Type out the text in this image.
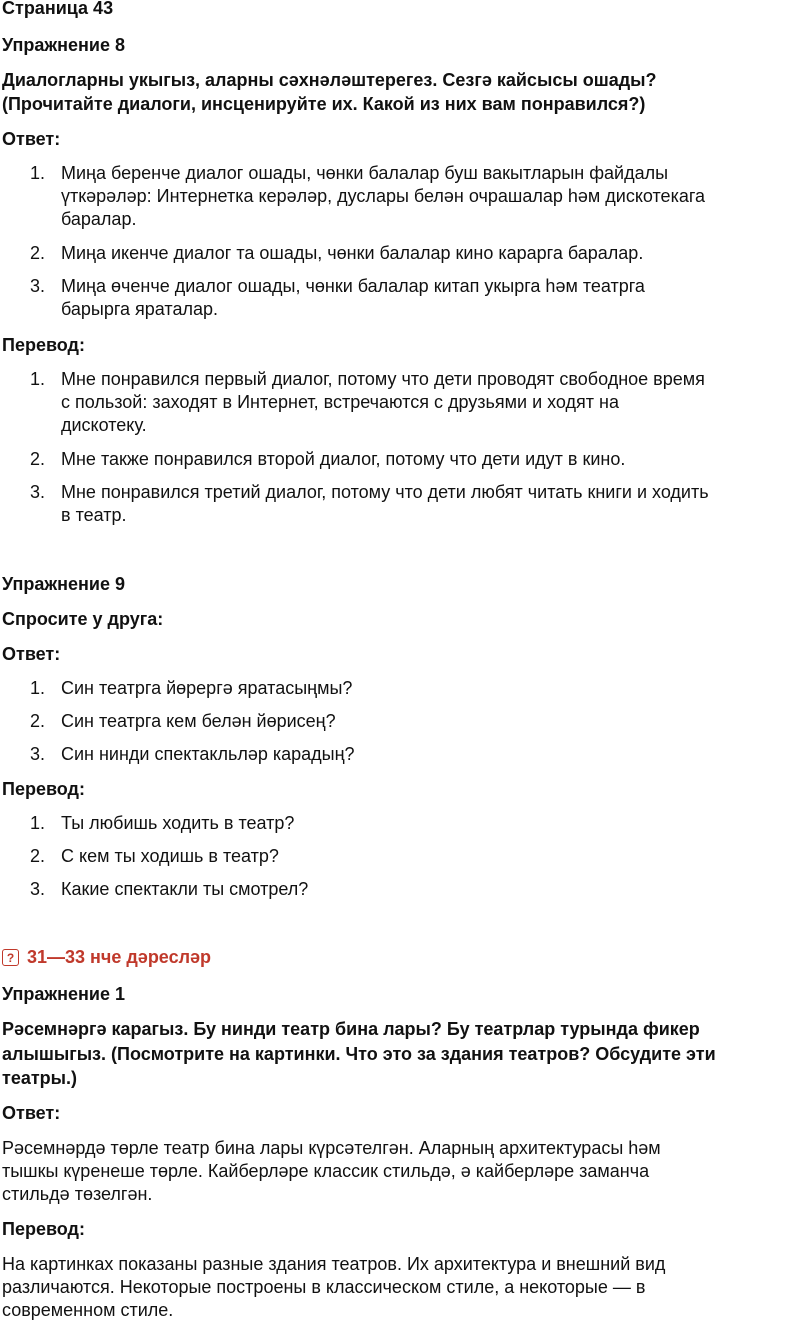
Страница 43
Упражнение 8
Диалогларны укыгыз, аларны сәхнәләштерегез. Сезгә кайсысы ошады?
(Прочитайте диалоги, инсценируйте их. Какой из них вам понравился?)
Ответ:
1. Миңа беренче диалог ошады, чөнки балалар буш вакытларын файдалы
үткәрәләр: Интернетка керәләр, дуслары белән очрашалар һәм дискотекага
баралар.
2. Миңа икенче диалог та ошады, чөнки балалар кино карарга баралар.
3. Миңа өченче диалог ошады, чөнки балалар китап укырга һәм театрга
барырга яраталар.
Перевод:
1. Мне понравился первый диалог, потому что дети проводят свободное время
с пользой: заходят в Интернет, встречаются с друзьями и ходят на
дискотеку.
2. Мне также понравился второй диалог, потому что дети идут в кино.
3. Мне понравился третий диалог, потому что дети любят читать книги и ходить
в театр.
Упражнение 9
Спросите у друга:
Ответ:
1. Син театрга йөрергә яратасыңмы?
2. Син театрга кем белән йөрисең?
3. Син нинди спектакльләр карадың?
Перевод:
1. Ты любишь ходить в театр?
2. С кем ты ходишь в театр?
3. Какие спектакли ты смотрел?
? 31—33 нче дәресләр
Упражнение 1
Рәсемнәргә карагыз. Бу нинди театр бина лары? Бу театрлар турында фикер
алышыгыз. (Посмотрите на картинки. Что это за здания театров? Обсудите эти
театры.)
Ответ:
Рәсемнәрдә төрле театр бина лары күрсәтелгән. Аларның архитектурасы һәм
тышкы күренеше төрле. Кайберләре классик стильдә, ә кайберләре заманча
стильдә төзелгән.
Перевод:
На картинках показаны разные здания театров. Их архитектура и внешний вид
различаются. Некоторые построены в классическом стиле, а некоторые — в
современном стиле.
